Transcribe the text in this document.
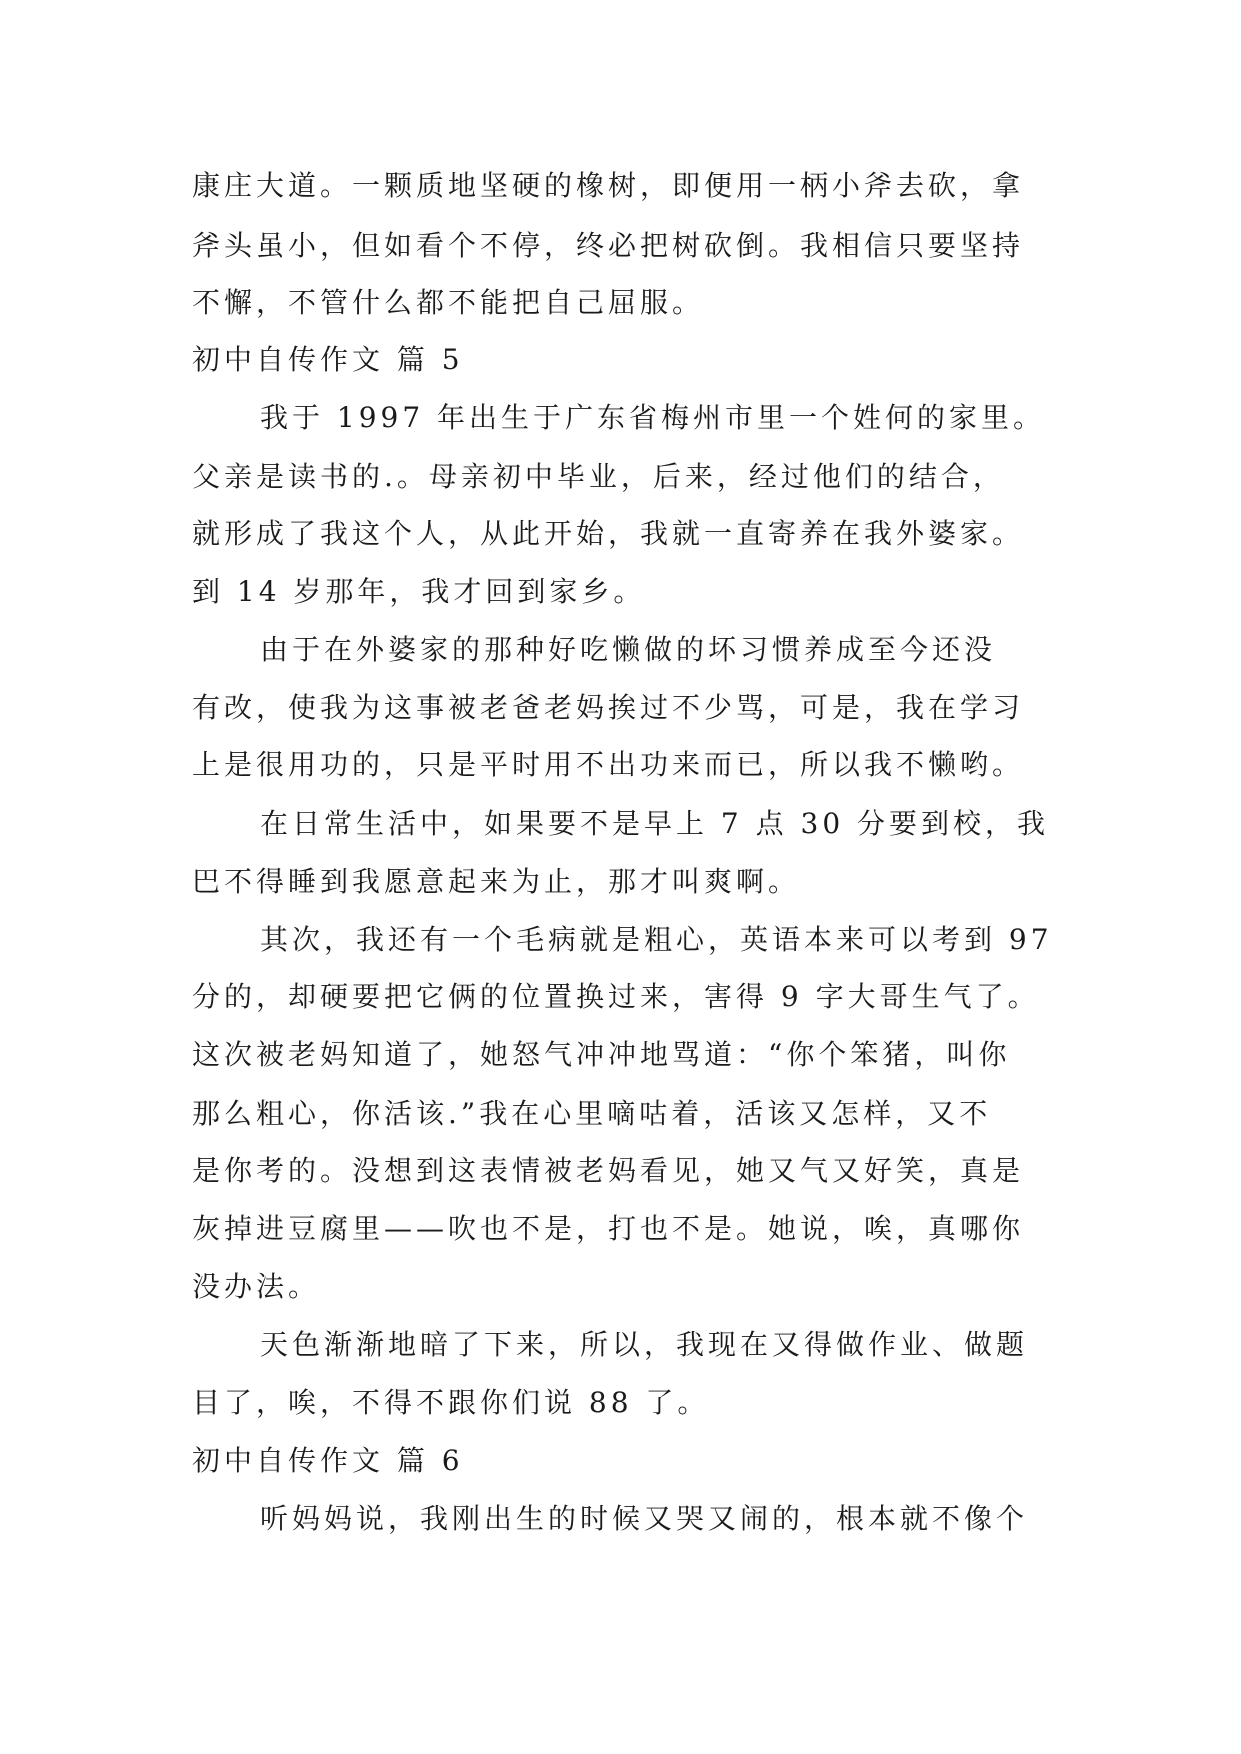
康庄大道。一颗质地坚硬的橡树，即便用一柄小斧去砍，拿
斧头虽小，但如看个不停，终必把树砍倒。我相信只要坚持
不懈，不管什么都不能把自己屈服。
初中自传作文 篇 5
我于 1997 年出生于广东省梅州市里一个姓何的家里。
父亲是读书的.。母亲初中毕业，后来，经过他们的结合，
就形成了我这个人，从此开始，我就一直寄养在我外婆家。
到 14 岁那年，我才回到家乡。
由于在外婆家的那种好吃懒做的坏习惯养成至今还没
有改，使我为这事被老爸老妈挨过不少骂，可是，我在学习
上是很用功的，只是平时用不出功来而已，所以我不懒哟。
在日常生活中，如果要不是早上 7 点 30 分要到校，我
巴不得睡到我愿意起来为止，那才叫爽啊。
其次，我还有一个毛病就是粗心，英语本来可以考到 97
分的，却硬要把它俩的位置换过来，害得 9 字大哥生气了。
这次被老妈知道了，她怒气冲冲地骂道：“你个笨猪，叫你
那么粗心，你活该.”我在心里嘀咕着，活该又怎样，又不
是你考的。没想到这表情被老妈看见，她又气又好笑，真是
灰掉进豆腐里——吹也不是，打也不是。她说，唉，真哪你
没办法。
天色渐渐地暗了下来，所以，我现在又得做作业、做题
目了，唉，不得不跟你们说 88 了。
初中自传作文 篇 6
听妈妈说，我刚出生的时候又哭又闹的，根本就不像个
